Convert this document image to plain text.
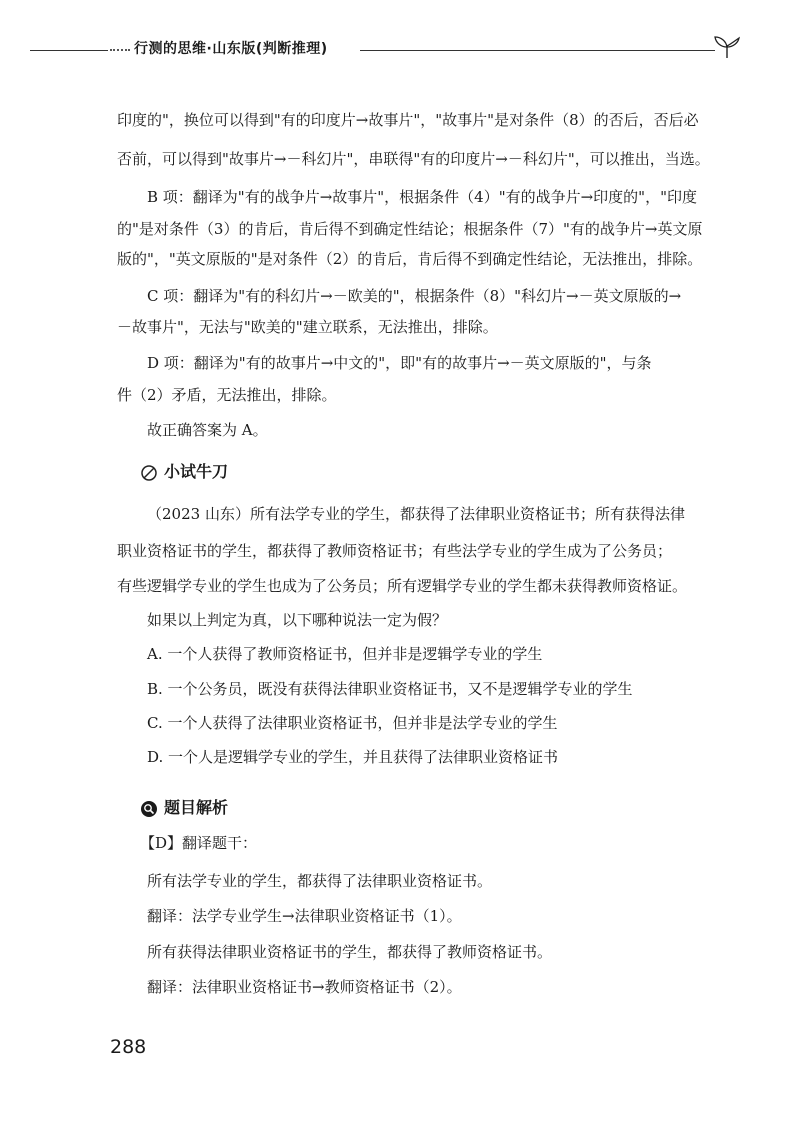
行测的思维·山东版(判断推理)
印度的"，换位可以得到"有的印度片→故事片"，"故事片"是对条件（8）的否后，否后必
否前，可以得到"故事片→－科幻片"，串联得"有的印度片→－科幻片"，可以推出，当选。
B 项：翻译为"有的战争片→故事片"，根据条件（4）"有的战争片→印度的"，"印度
的"是对条件（3）的肯后，肯后得不到确定性结论；根据条件（7）"有的战争片→英文原
版的"，"英文原版的"是对条件（2）的肯后，肯后得不到确定性结论，无法推出，排除。
C 项：翻译为"有的科幻片→－欧美的"，根据条件（8）"科幻片→－英文原版的→
－故事片"，无法与"欧美的"建立联系，无法推出，排除。
D 项：翻译为"有的故事片→中文的"，即"有的故事片→－英文原版的"，与条
件（2）矛盾，无法推出，排除。
故正确答案为 A。
小试牛刀
（2023 山东）所有法学专业的学生，都获得了法律职业资格证书；所有获得法律
职业资格证书的学生，都获得了教师资格证书；有些法学专业的学生成为了公务员；
有些逻辑学专业的学生也成为了公务员；所有逻辑学专业的学生都未获得教师资格证。
如果以上判定为真，以下哪种说法一定为假？
A. 一个人获得了教师资格证书，但并非是逻辑学专业的学生
B. 一个公务员，既没有获得法律职业资格证书，又不是逻辑学专业的学生
C. 一个人获得了法律职业资格证书，但并非是法学专业的学生
D. 一个人是逻辑学专业的学生，并且获得了法律职业资格证书
题目解析
【D】翻译题干：
所有法学专业的学生，都获得了法律职业资格证书。
翻译：法学专业学生→法律职业资格证书（1）。
所有获得法律职业资格证书的学生，都获得了教师资格证书。
翻译：法律职业资格证书→教师资格证书（2）。
288
